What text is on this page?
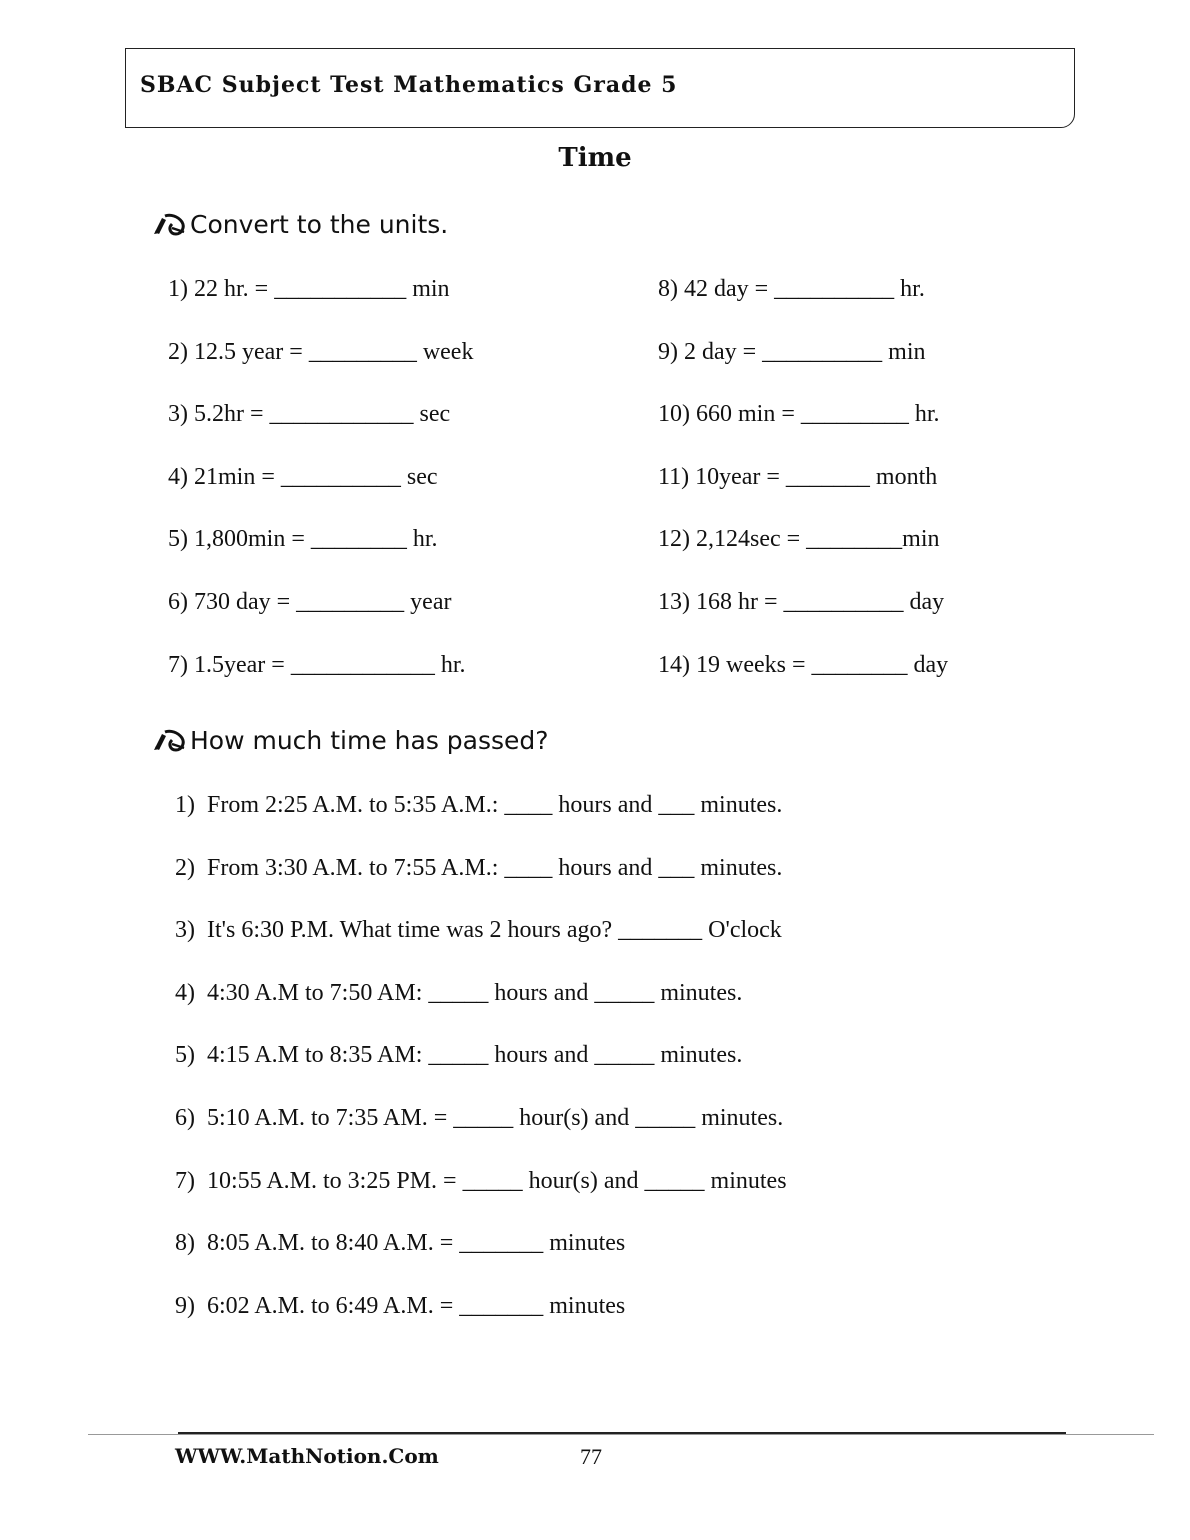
SBAC Subject Test Mathematics Grade 5
Time
Convert to the units.
1) 22 hr. = ___________ min
2) 12.5 year = _________ week
3) 5.2hr = ____________ sec
4) 21min = __________ sec
5) 1,800min = ________ hr.
6) 730 day = _________ year
7) 1.5year = ____________ hr.
8) 42 day = __________ hr.
9) 2 day = __________ min
10) 660 min = _________ hr.
11) 10year = _______ month
12) 2,124sec = ________min
13) 168 hr = __________ day
14) 19 weeks = ________ day
How much time has passed?
1)  From 2:25 A.M. to 5:35 A.M.: ____ hours and ___ minutes.
2)  From 3:30 A.M. to 7:55 A.M.: ____ hours and ___ minutes.
3)  It's 6:30 P.M. What time was 2 hours ago? _______ O'clock
4)  4:30 A.M to 7:50 AM: _____ hours and _____ minutes.
5)  4:15 A.M to 8:35 AM: _____ hours and _____ minutes.
6)  5:10 A.M. to 7:35 AM. = _____ hour(s) and _____ minutes.
7)  10:55 A.M. to 3:25 PM. = _____ hour(s) and _____ minutes
8)  8:05 A.M. to 8:40 A.M. = _______ minutes
9)  6:02 A.M. to 6:49 A.M. = _______ minutes
WWW.MathNotion.Com	77
